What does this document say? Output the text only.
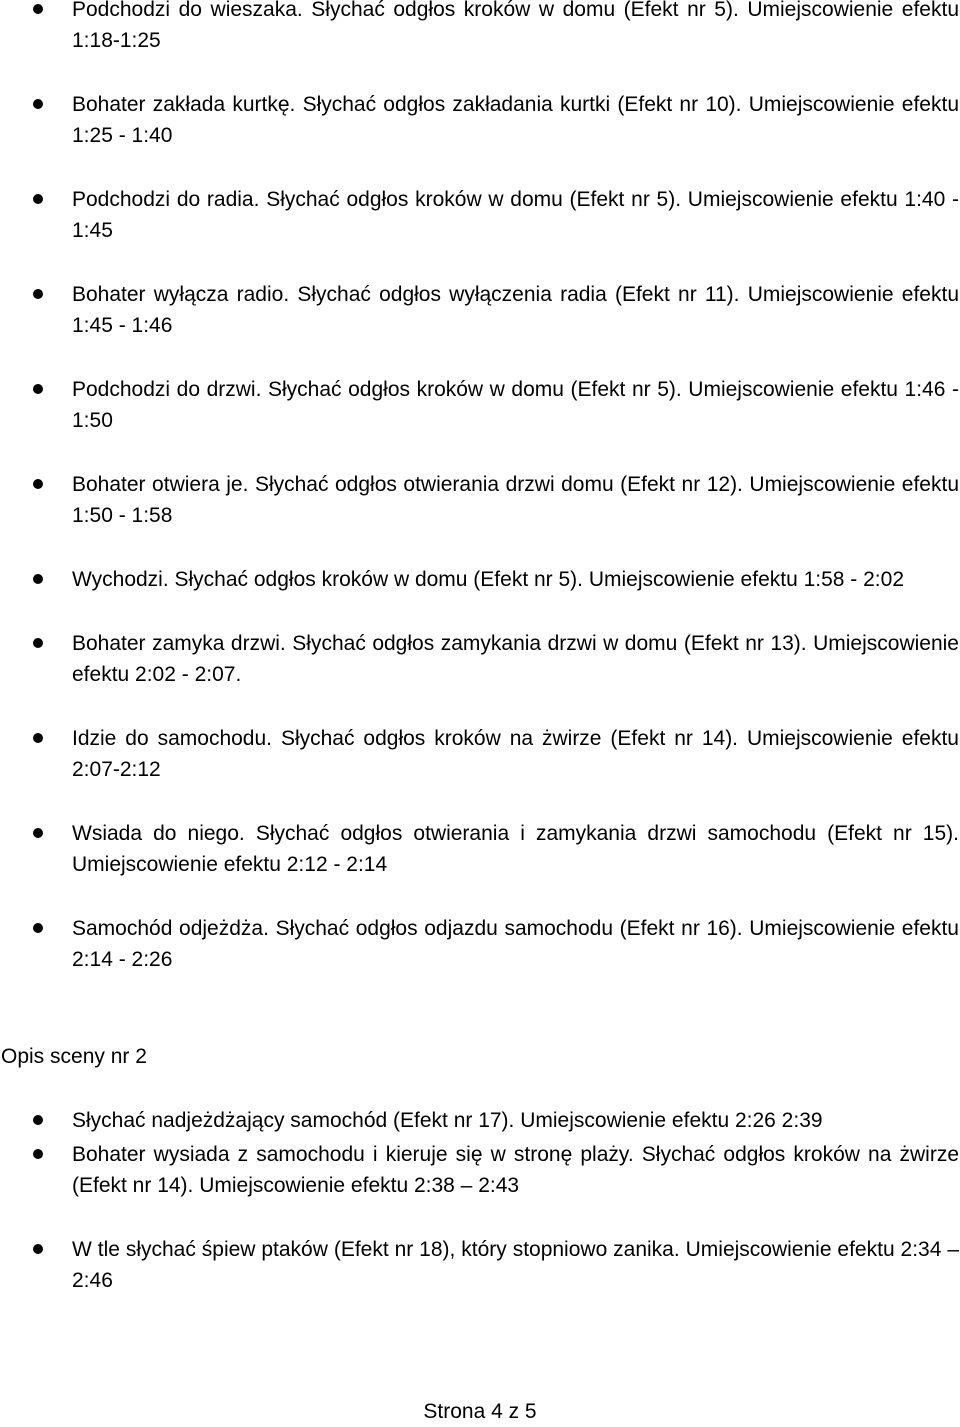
Podchodzi do wieszaka. Słychać odgłos kroków w domu (Efekt nr 5). Umiejscowienie efektu 1:18-1:25
Bohater zakłada kurtkę. Słychać odgłos zakładania kurtki (Efekt nr 10). Umiejscowienie efektu 1:25 - 1:40
Podchodzi do radia. Słychać odgłos kroków w domu (Efekt nr 5). Umiejscowienie efektu 1:40 - 1:45
Bohater wyłącza radio. Słychać odgłos wyłączenia radia (Efekt nr 11). Umiejscowienie efektu 1:45 - 1:46
Podchodzi do drzwi. Słychać odgłos kroków w domu (Efekt nr 5). Umiejscowienie efektu 1:46 - 1:50
Bohater otwiera je. Słychać odgłos otwierania drzwi domu (Efekt nr 12). Umiejscowienie efektu 1:50 - 1:58
Wychodzi. Słychać odgłos kroków w domu (Efekt nr 5). Umiejscowienie efektu 1:58 - 2:02
Bohater zamyka drzwi. Słychać odgłos zamykania drzwi w domu (Efekt nr 13). Umiejscowienie efektu 2:02 - 2:07.
Idzie do samochodu. Słychać odgłos kroków na żwirze (Efekt nr 14). Umiejscowienie efektu 2:07-2:12
Wsiada do niego. Słychać odgłos otwierania i zamykania drzwi samochodu (Efekt nr 15). Umiejscowienie efektu 2:12 - 2:14
Samochód odjeżdża. Słychać odgłos odjazdu samochodu (Efekt nr 16). Umiejscowienie efektu 2:14 - 2:26
Opis sceny nr 2
Słychać nadjeżdżający samochód (Efekt nr 17). Umiejscowienie efektu 2:26 2:39
Bohater wysiada z samochodu i kieruje się w stronę plaży. Słychać odgłos kroków na żwirze (Efekt nr 14). Umiejscowienie efektu 2:38 – 2:43
W tle słychać śpiew ptaków (Efekt nr 18), który stopniowo zanika. Umiejscowienie efektu 2:34 – 2:46
Strona 4 z 5
